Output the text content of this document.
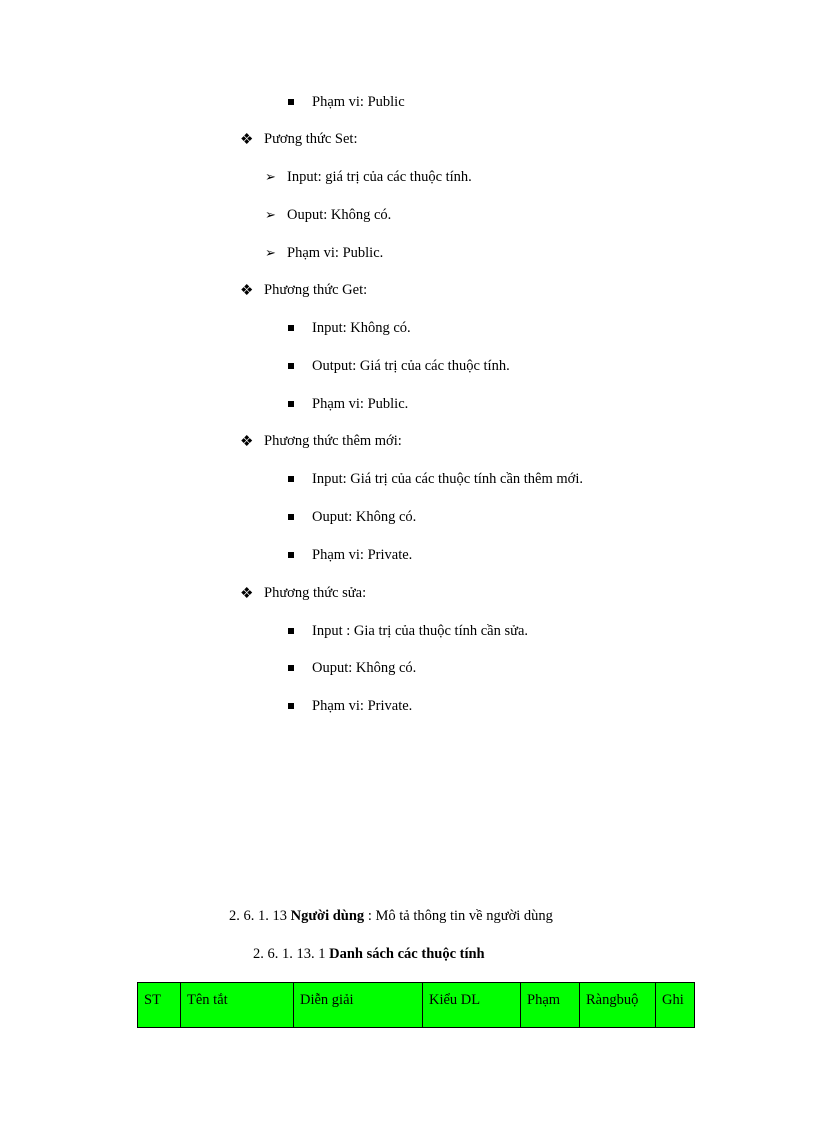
Phạm vi: Public
❖ Pương thức Set:
➢ Input: giá trị của các thuộc tính.
➢ Ouput: Không có.
➢ Phạm vi: Public.
❖ Phương thức Get:
Input: Không có.
Output: Giá trị của các thuộc tính.
Phạm vi: Public.
❖ Phương thức thêm mới:
Input: Giá trị của các thuộc tính cần thêm mới.
Ouput: Không có.
Phạm vi: Private.
❖ Phương thức sửa:
Input : Gia trị của thuộc tính cần sửa.
Ouput: Không có.
Phạm vi: Private.
2. 6. 1. 13
Người dùng
: Mô tả thông tin về người dùng
2. 6. 1. 13. 1
Danh sách các thuộc tính
ST	Tên tắt	Diễn giải	Kiểu DL	Phạm	Ràngbuộ	Ghi
